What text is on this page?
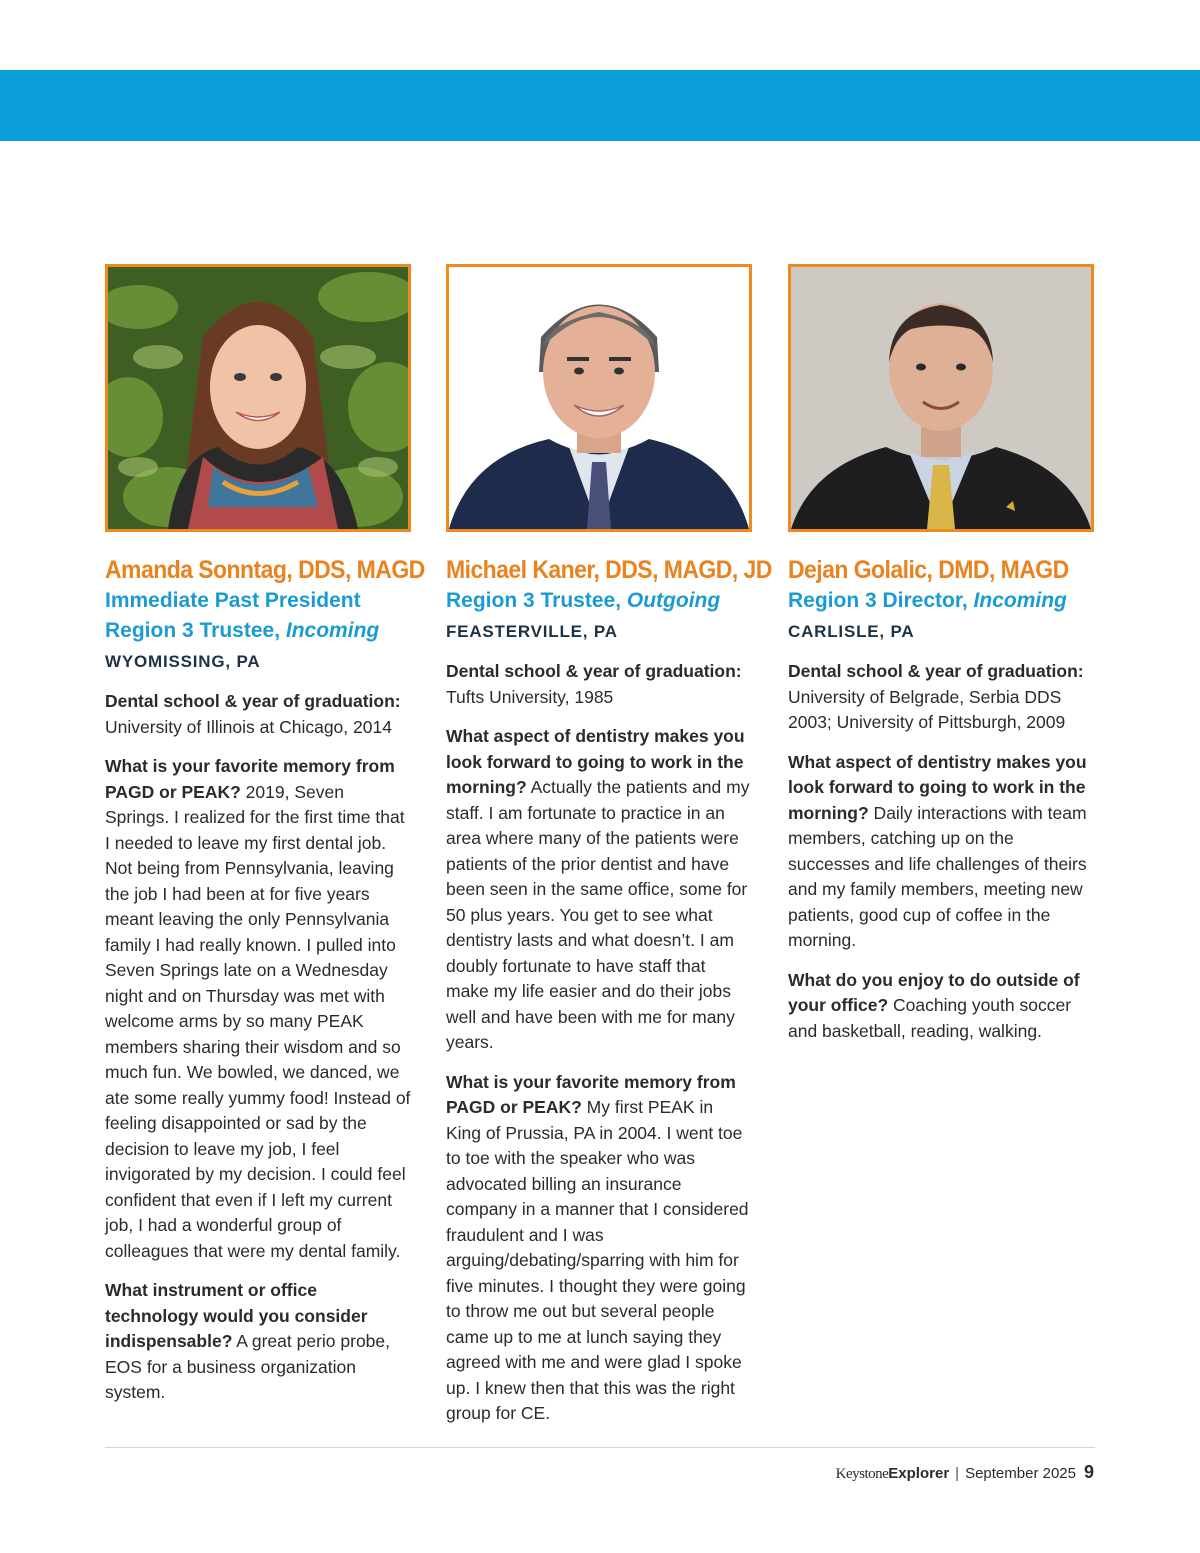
Amanda Sonntag, DDS, MAGD
Immediate Past President
Region 3 Trustee, Incoming
WYOMISSING, PA

Dental school & year of graduation:
University of Illinois at Chicago, 2014

What is your favorite memory from PAGD or PEAK? 2019, Seven Springs. I realized for the first time that I needed to leave my first dental job. Not being from Pennsylvania, leaving the job I had been at for five years meant leaving the only Pennsylvania family I had really known. I pulled into Seven Springs late on a Wednesday night and on Thursday was met with welcome arms by so many PEAK members sharing their wisdom and so much fun. We bowled, we danced, we ate some really yummy food! Instead of feeling disappointed or sad by the decision to leave my job, I feel invigorated by my decision. I could feel confident that even if I left my current job, I had a wonderful group of colleagues that were my dental family.

What instrument or office technology would you consider indispensable? A great perio probe, EOS for a business organization system.

Michael Kaner, DDS, MAGD, JD
Region 3 Trustee, Outgoing
FEASTERVILLE, PA

Dental school & year of graduation:
Tufts University, 1985

What aspect of dentistry makes you look forward to going to work in the morning? Actually the patients and my staff. I am fortunate to practice in an area where many of the patients were patients of the prior dentist and have been seen in the same office, some for 50 plus years. You get to see what dentistry lasts and what doesn’t. I am doubly fortunate to have staff that make my life easier and do their jobs well and have been with me for many years.

What is your favorite memory from PAGD or PEAK? My first PEAK in King of Prussia, PA in 2004. I went toe to toe with the speaker who was advocated billing an insurance company in a manner that I considered fraudulent and I was arguing/debating/sparring with him for five minutes. I thought they were going to throw me out but several people came up to me at lunch saying they agreed with me and were glad I spoke up. I knew then that this was the right group for CE.

Dejan Golalic, DMD, MAGD
Region 3 Director, Incoming
CARLISLE, PA

Dental school & year of graduation:
University of Belgrade, Serbia DDS 2003; University of Pittsburgh, 2009

What aspect of dentistry makes you look forward to going to work in the morning? Daily interactions with team members, catching up on the successes and life challenges of theirs and my family members, meeting new patients, good cup of coffee in the morning.

What do you enjoy to do outside of your office? Coaching youth soccer and basketball, reading, walking.

Keystone Explorer | September 2025 9
